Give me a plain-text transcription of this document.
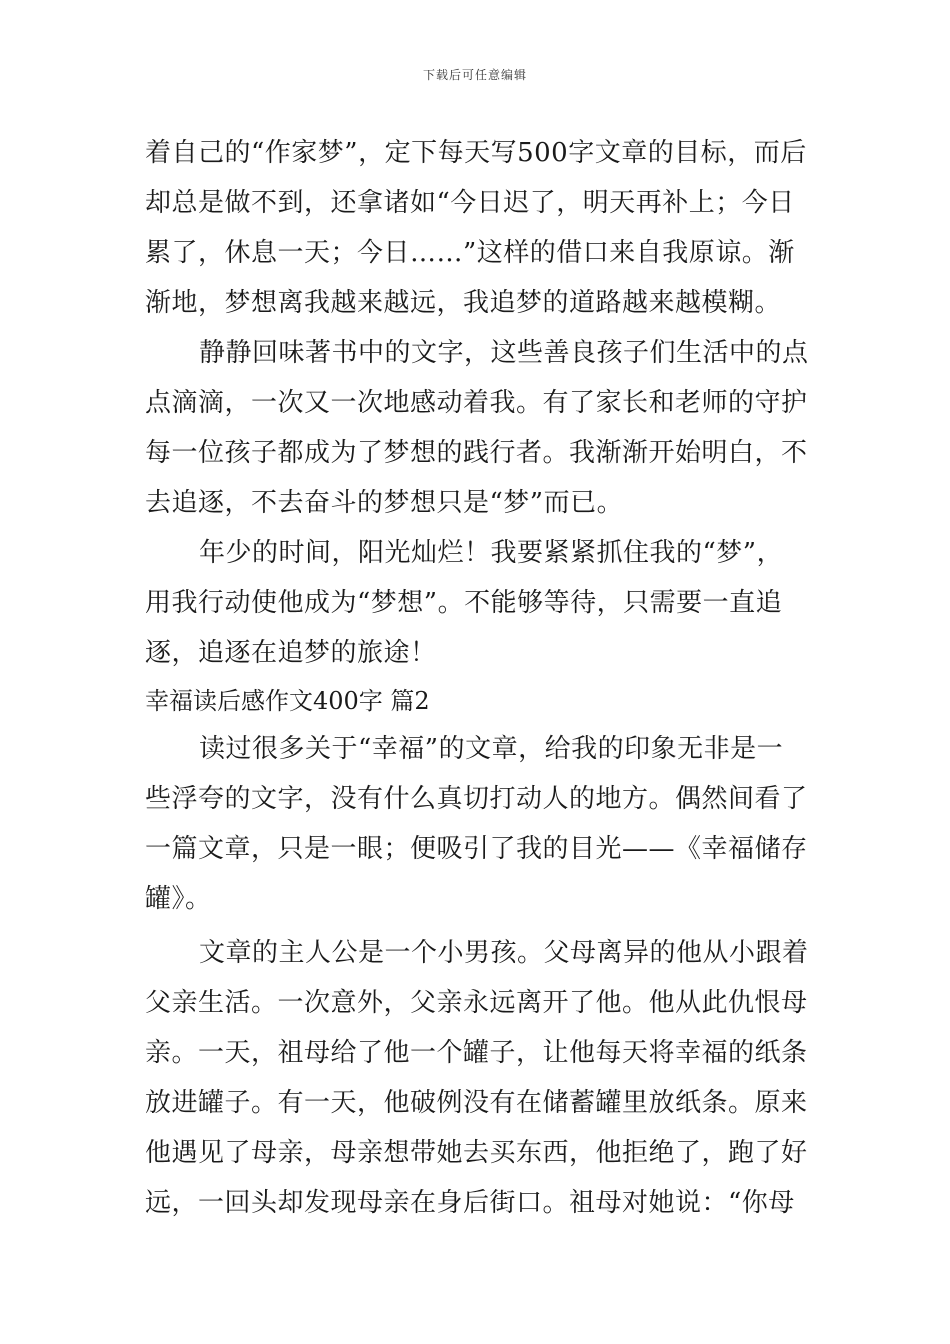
下载后可任意编辑
着自己的“作家梦”，定下每天写500字文章的目标，而后
却总是做不到，还拿诸如“今日迟了，明天再补上；今日
累了，休息一天；今日……”这样的借口来自我原谅。渐
渐地，梦想离我越来越远，我追梦的道路越来越模糊。
静静回味著书中的文字，这些善良孩子们生活中的点
点滴滴，一次又一次地感动着我。有了家长和老师的守护
每一位孩子都成为了梦想的践行者。我渐渐开始明白，不
去追逐，不去奋斗的梦想只是“梦”而已。
年少的时间，阳光灿烂！我要紧紧抓住我的“梦”，
用我行动使他成为“梦想”。不能够等待，只需要一直追
逐，追逐在追梦的旅途！
幸福读后感作文400字 篇2
读过很多关于“幸福”的文章，给我的印象无非是一
些浮夸的文字，没有什么真切打动人的地方。偶然间看了
一篇文章，只是一眼；便吸引了我的目光——《幸福储存
罐》。
文章的主人公是一个小男孩。父母离异的他从小跟着
父亲生活。一次意外，父亲永远离开了他。他从此仇恨母
亲。一天，祖母给了他一个罐子，让他每天将幸福的纸条
放进罐子。有一天，他破例没有在储蓄罐里放纸条。原来
他遇见了母亲，母亲想带她去买东西，他拒绝了，跑了好
远，一回头却发现母亲在身后街口。祖母对她说：“你母
